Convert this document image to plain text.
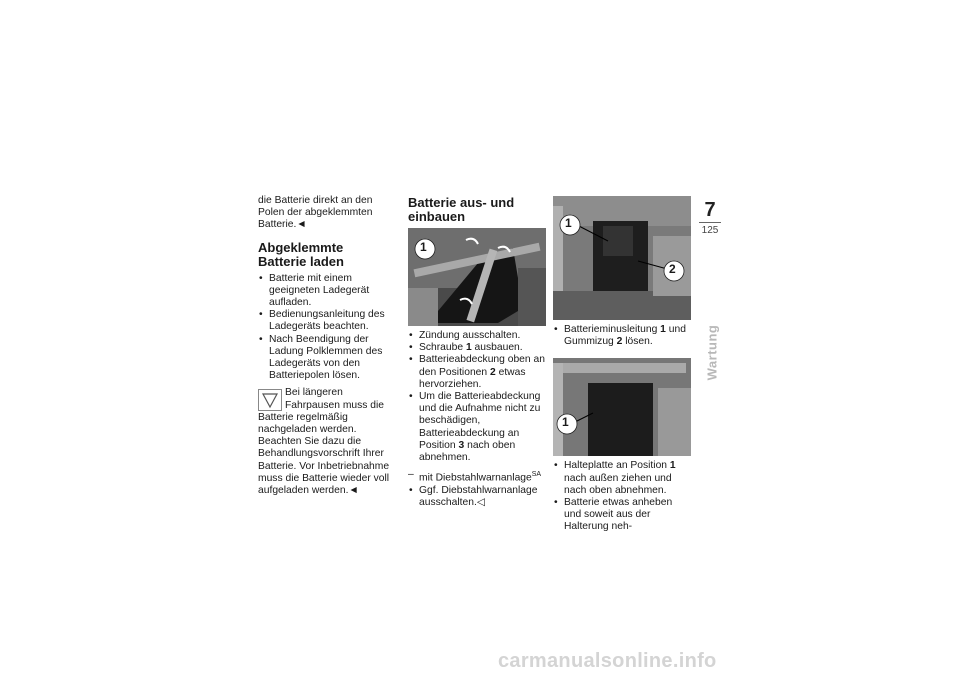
die Batterie direkt an den Polen der abgeklemmten Batterie.◄

Abgeklemmte Batterie laden
• Batterie mit einem geeigneten Ladegerät aufladen.
• Bedienungsanleitung des Ladegeräts beachten.
• Nach Beendigung der Ladung Polklemmen des Ladegeräts von den Batteriepolen lösen.

Bei längeren Fahrpausen muss die Batterie regelmäßig nachgeladen werden. Beachten Sie dazu die Behandlungsvorschrift Ihrer Batterie. Vor Inbetriebnahme muss die Batterie wieder voll aufgeladen werden.◄

Batterie aus- und einbauen
1
• Zündung ausschalten.
• Schraube 1 ausbauen.
• Batterieabdeckung oben an den Positionen 2 etwas hervorziehen.
• Um die Batterieabdeckung und die Aufnahme nicht zu beschädigen, Batterieabdeckung an Position 3 nach oben abnehmen.
– mit Diebstahlwarnanlage$^{SA}$
• Ggf. Diebstahlwarnanlage ausschalten.◁
1
2
• Batterieminusleitung 1 und Gummizug 2 lösen.
1
• Halteplatte an Position 1 nach außen ziehen und nach oben abnehmen.
• Batterie etwas anheben und soweit aus der Halterung neh-
7
125
Wartung
carmanualsonline.info
